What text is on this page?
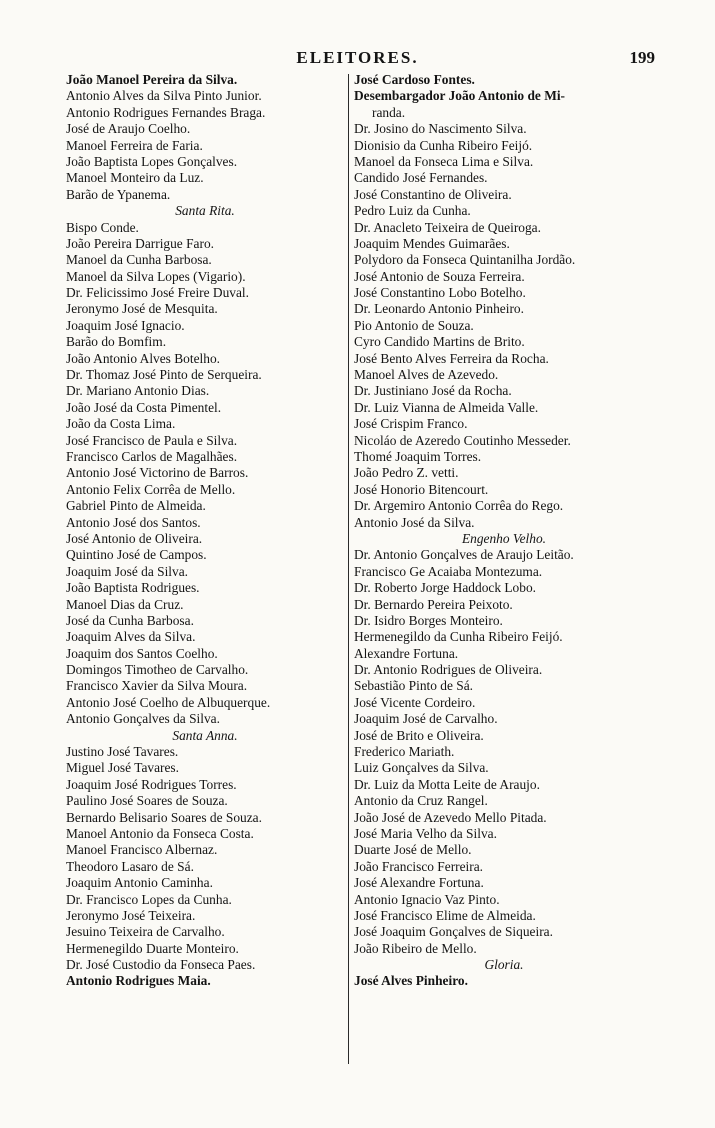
ELEITORES.	199
João Manoel Pereira da Silva.
Antonio Alves da Silva Pinto Junior.
Antonio Rodrigues Fernandes Braga.
José de Araujo Coelho.
Manoel Ferreira de Faria.
João Baptista Lopes Gonçalves.
Manoel Monteiro da Luz.
Barão de Ypanema.
Santa Rita.
Bispo Conde.
João Pereira Darrigue Faro.
Manoel da Cunha Barbosa.
Manoel da Silva Lopes (Vigario).
Dr. Felicissimo José Freire Duval.
Jeronymo José de Mesquita.
Joaquim José Ignacio.
Barão do Bomfim.
João Antonio Alves Botelho.
Dr. Thomaz José Pinto de Serqueira.
Dr. Mariano Antonio Dias.
João José da Costa Pimentel.
João da Costa Lima.
José Francisco de Paula e Silva.
Francisco Carlos de Magalhães.
Antonio José Victorino de Barros.
Antonio Felix Corrêa de Mello.
Gabriel Pinto de Almeida.
Antonio José dos Santos.
José Antonio de Oliveira.
Quintino José de Campos.
Joaquim José da Silva.
João Baptista Rodrigues.
Manoel Dias da Cruz.
José da Cunha Barbosa.
Joaquim Alves da Silva.
Joaquim dos Santos Coelho.
Domingos Timotheo de Carvalho.
Francisco Xavier da Silva Moura.
Antonio José Coelho de Albuquerque.
Antonio Gonçalves da Silva.
Santa Anna.
Justino José Tavares.
Miguel José Tavares.
Joaquim José Rodrigues Torres.
Paulino José Soares de Souza.
Bernardo Belisario Soares de Souza.
Manoel Antonio da Fonseca Costa.
Manoel Francisco Albernaz.
Theodoro Lasaro de Sá.
Joaquim Antonio Caminha.
Dr. Francisco Lopes da Cunha.
Jeronymo José Teixeira.
Jesuino Teixeira de Carvalho.
Hermenegildo Duarte Monteiro.
Dr. José Custodio da Fonseca Paes.
Antonio Rodrigues Maia.
José Cardoso Fontes.
Desembargador João Antonio de Mi-
randa.
Dr. Josino do Nascimento Silva.
Dionisio da Cunha Ribeiro Feijó.
Manoel da Fonseca Lima e Silva.
Candido José Fernandes.
José Constantino de Oliveira.
Pedro Luiz da Cunha.
Dr. Anacleto Teixeira de Queiroga.
Joaquim Mendes Guimarães.
Polydoro da Fonseca Quintanilha Jordão.
José Antonio de Souza Ferreira.
José Constantino Lobo Botelho.
Dr. Leonardo Antonio Pinheiro.
Pio Antonio de Souza.
Cyro Candido Martins de Brito.
José Bento Alves Ferreira da Rocha.
Manoel Alves de Azevedo.
Dr. Justiniano José da Rocha.
Dr. Luiz Vianna de Almeida Valle.
José Crispim Franco.
Nicoláo de Azeredo Coutinho Messeder.
Thomé Joaquim Torres.
João Pedro Z. vetti.
José Honorio Bitencourt.
Dr. Argemiro Antonio Corrêa do Rego.
Antonio José da Silva.
Engenho Velho.
Dr. Antonio Gonçalves de Araujo Leitão.
Francisco Ge Acaiaba Montezuma.
Dr. Roberto Jorge Haddock Lobo.
Dr. Bernardo Pereira Peixoto.
Dr. Isidro Borges Monteiro.
Hermenegildo da Cunha Ribeiro Feijó.
Alexandre Fortuna.
Dr. Antonio Rodrigues de Oliveira.
Sebastião Pinto de Sá.
José Vicente Cordeiro.
Joaquim José de Carvalho.
José de Brito e Oliveira.
Frederico Mariath.
Luiz Gonçalves da Silva.
Dr. Luiz da Motta Leite de Araujo.
Antonio da Cruz Rangel.
João José de Azevedo Mello Pitada.
José Maria Velho da Silva.
Duarte José de Mello.
João Francisco Ferreira.
José Alexandre Fortuna.
Antonio Ignacio Vaz Pinto.
José Francisco Elime de Almeida.
José Joaquim Gonçalves de Siqueira.
João Ribeiro de Mello.
Gloria.
José Alves Pinheiro.
